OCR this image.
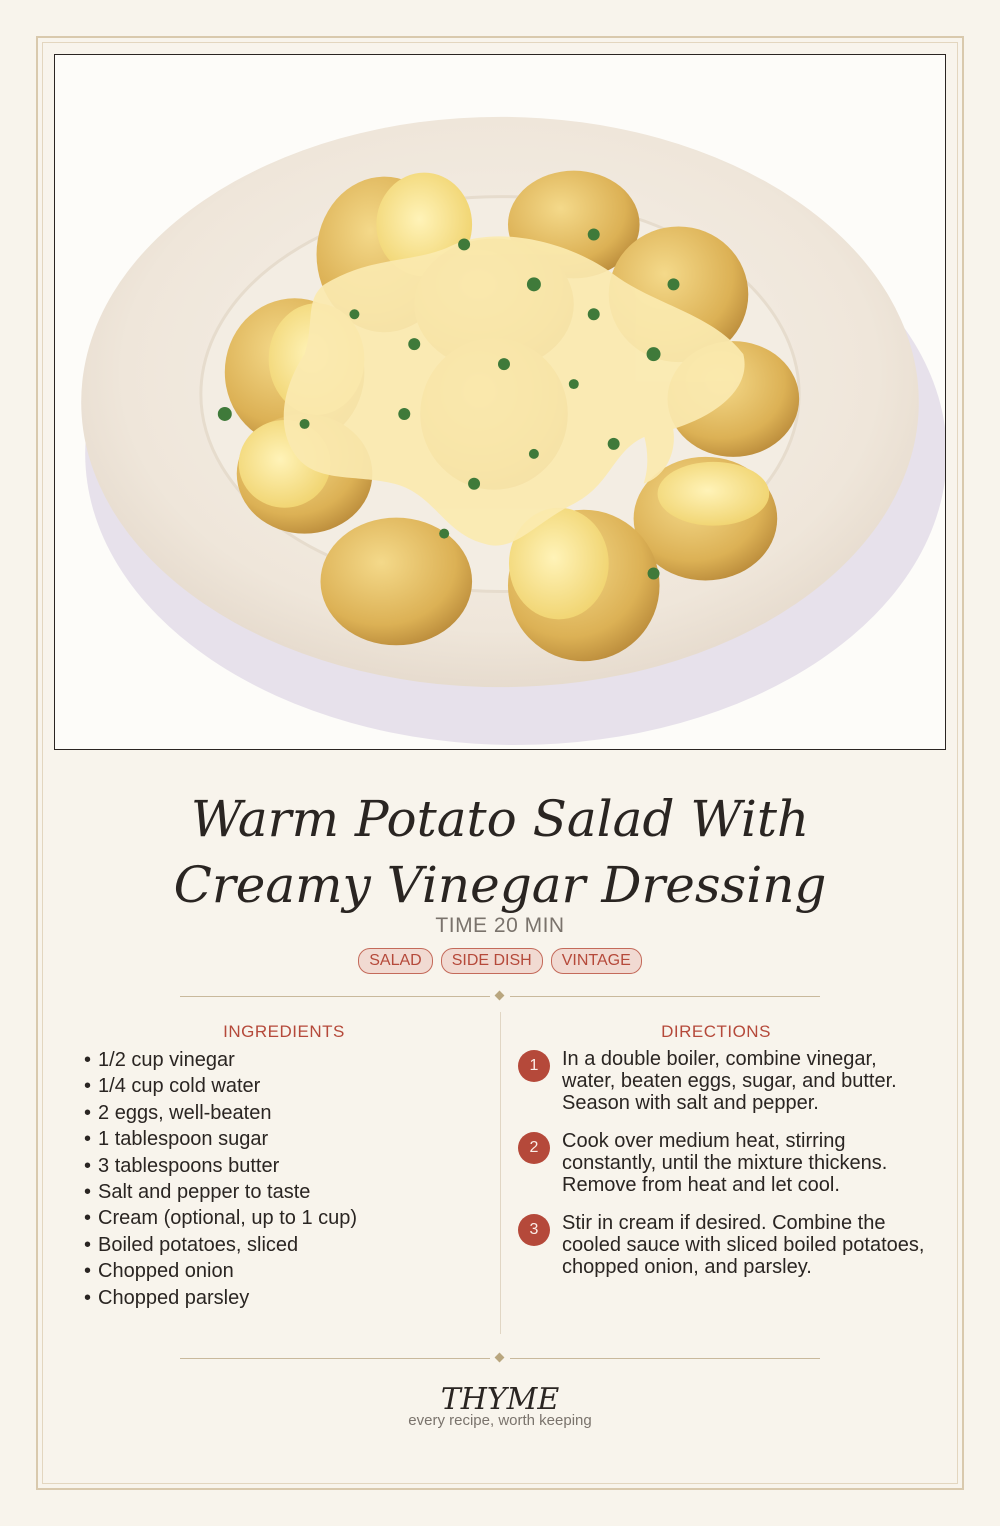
Warm Potato Salad With Creamy Vinegar Dressing
TIME 20 MIN
SALAD SIDE DISH VINTAGE
INGREDIENTS
• 1/2 cup vinegar
• 1/4 cup cold water
• 2 eggs, well-beaten
• 1 tablespoon sugar
• 3 tablespoons butter
• Salt and pepper to taste
• Cream (optional, up to 1 cup)
• Boiled potatoes, sliced
• Chopped onion
• Chopped parsley
DIRECTIONS
1	In a double boiler, combine vinegar, water, beaten eggs, sugar, and butter. Season with salt and pepper.
2	Cook over medium heat, stirring constantly, until the mixture thickens. Remove from heat and let cool.
3	Stir in cream if desired. Combine the cooled sauce with sliced boiled potatoes, chopped onion, and parsley.
THYME
every recipe, worth keeping
